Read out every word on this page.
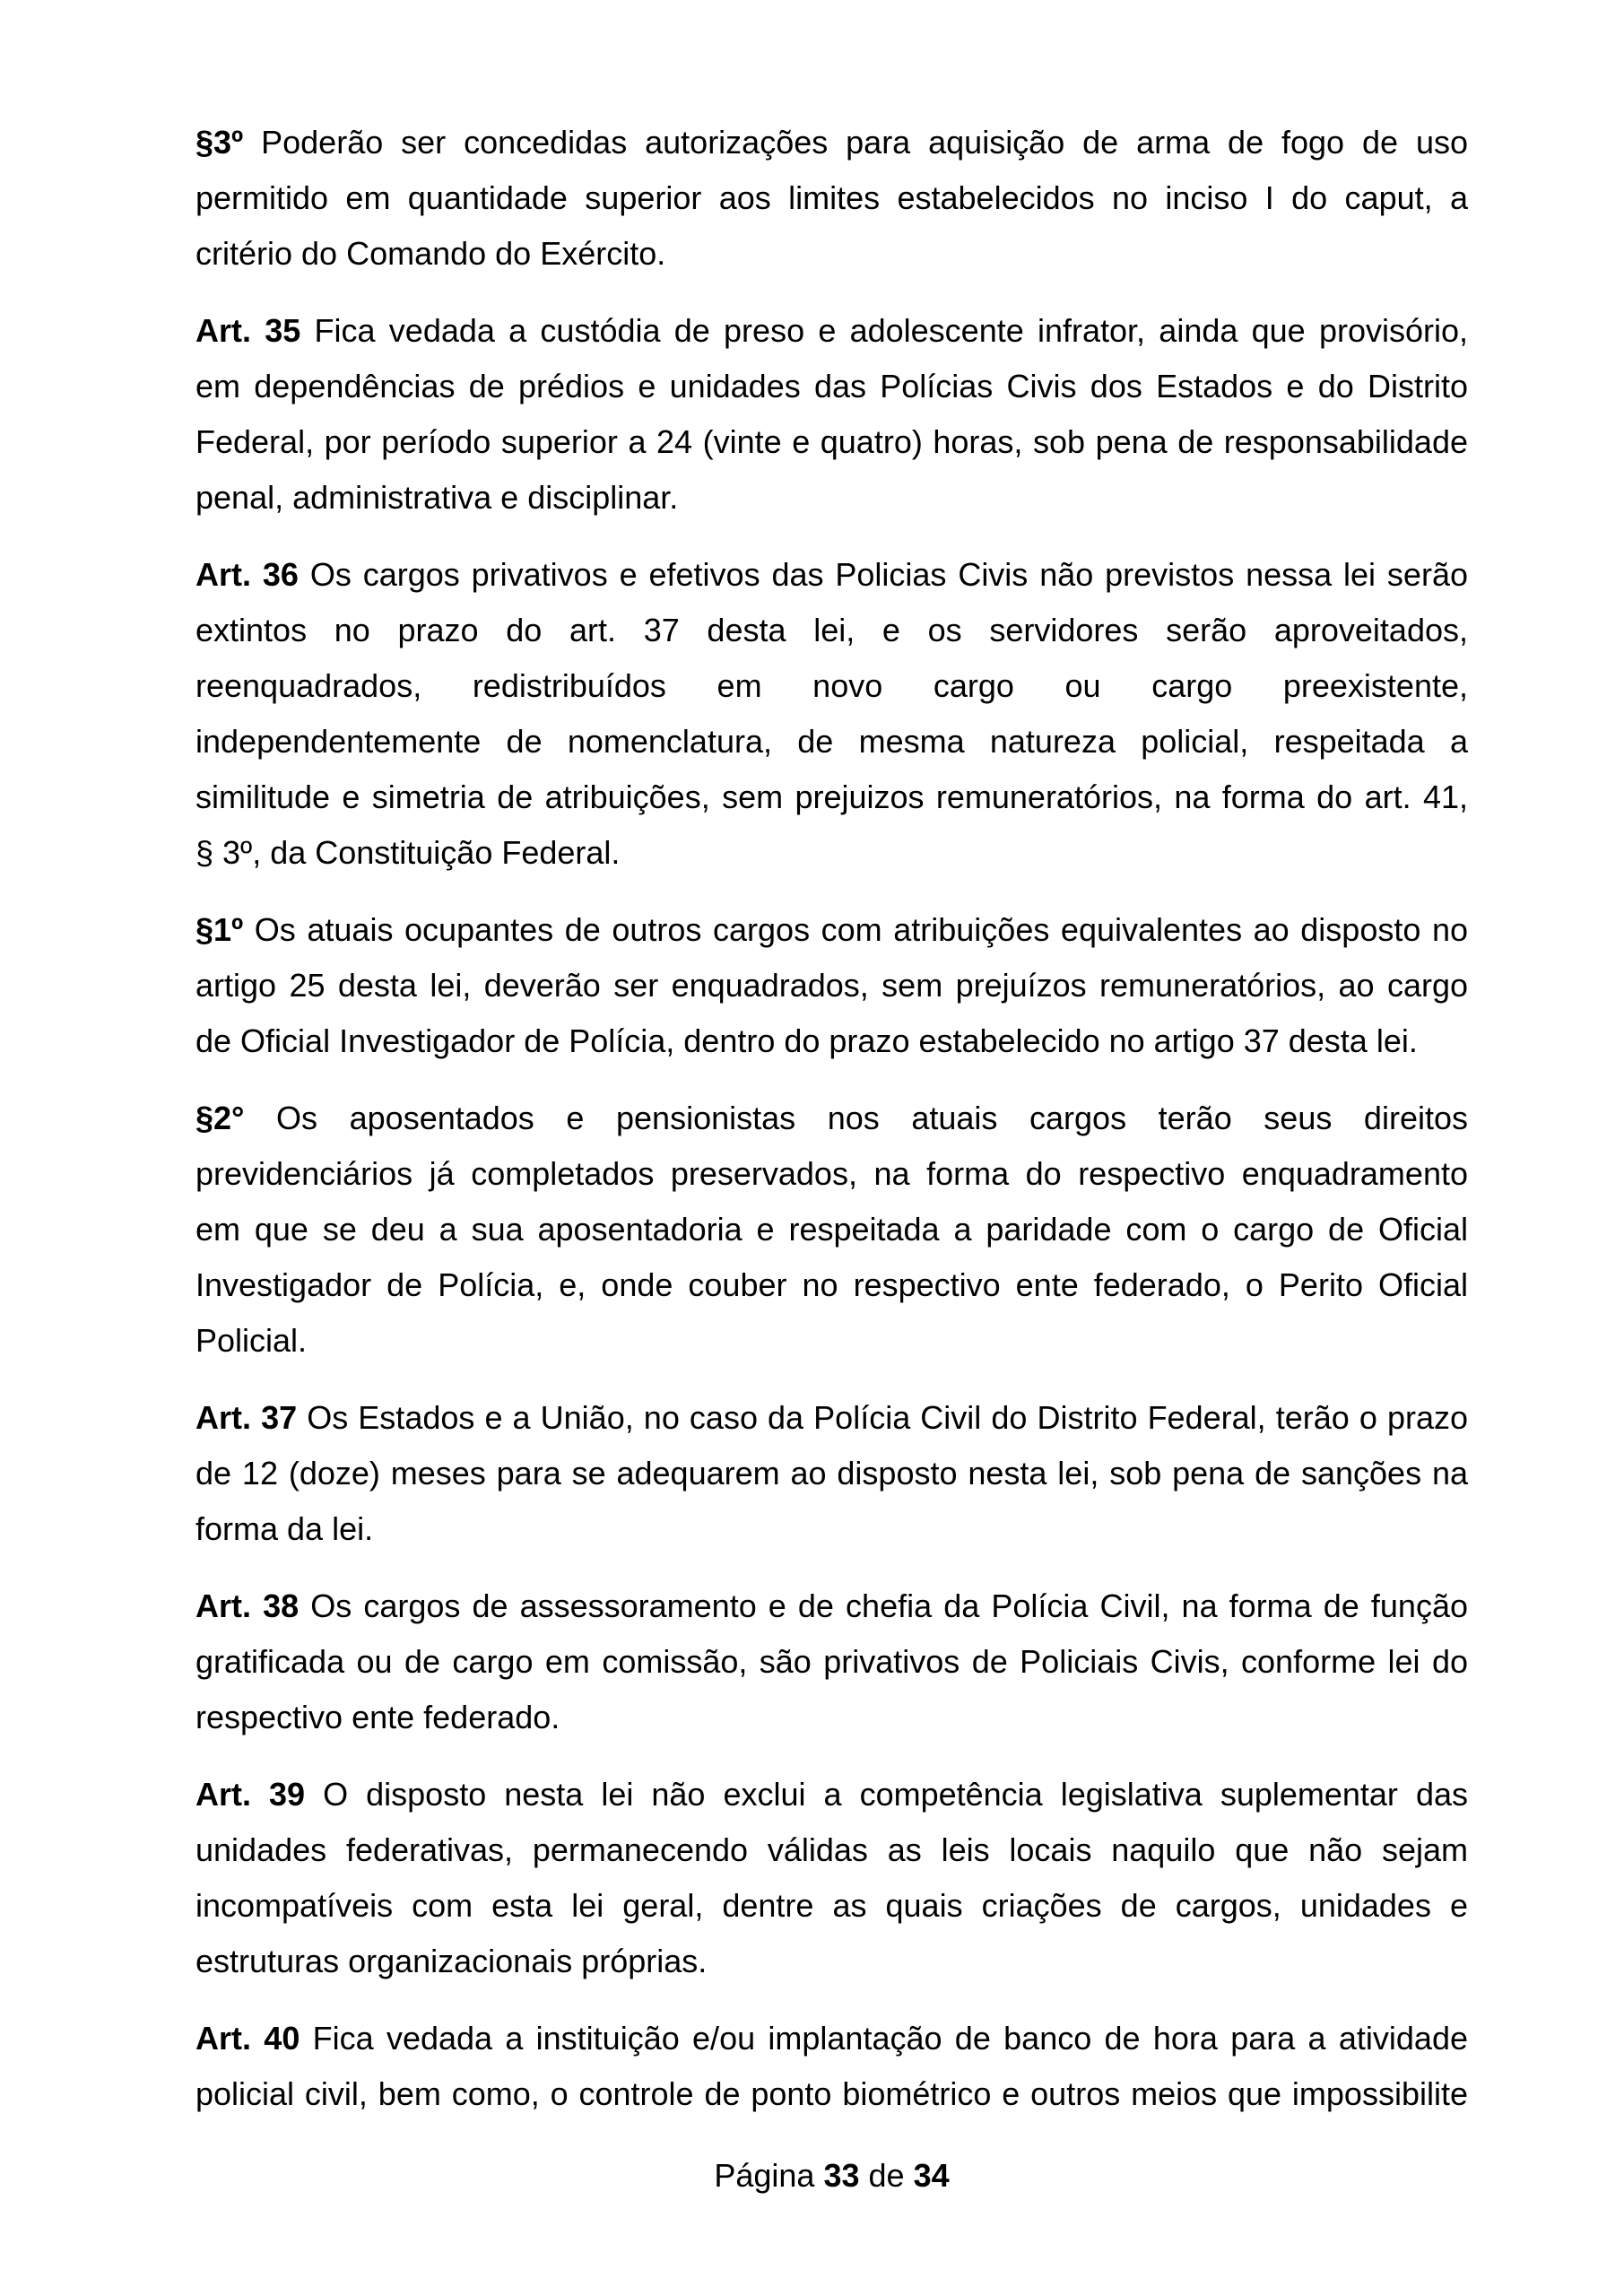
§3º Poderão ser concedidas autorizações para aquisição de arma de fogo de uso
permitido em quantidade superior aos limites estabelecidos no inciso I do caput, a
critério do Comando do Exército.

Art. 35 Fica vedada a custódia de preso e adolescente infrator, ainda que provisório,
em dependências de prédios e unidades das Polícias Civis dos Estados e do Distrito
Federal, por período superior a 24 (vinte e quatro) horas, sob pena de responsabilidade
penal, administrativa e disciplinar.

Art. 36 Os cargos privativos e efetivos das Policias Civis não previstos nessa lei serão
extintos no prazo do art. 37 desta lei, e os servidores serão aproveitados,
reenquadrados, redistribuídos em novo cargo ou cargo preexistente,
independentemente de nomenclatura, de mesma natureza policial, respeitada a
similitude e simetria de atribuições, sem prejuizos remuneratórios, na forma do art. 41,
§ 3º, da Constituição Federal.

§1º Os atuais ocupantes de outros cargos com atribuições equivalentes ao disposto no
artigo 25 desta lei, deverão ser enquadrados, sem prejuízos remuneratórios, ao cargo
de Oficial Investigador de Polícia, dentro do prazo estabelecido no artigo 37 desta lei.

§2° Os aposentados e pensionistas nos atuais cargos terão seus direitos
previdenciários já completados preservados, na forma do respectivo enquadramento
em que se deu a sua aposentadoria e respeitada a paridade com o cargo de Oficial
Investigador de Polícia, e, onde couber no respectivo ente federado, o Perito Oficial
Policial.

Art. 37 Os Estados e a União, no caso da Polícia Civil do Distrito Federal, terão o prazo
de 12 (doze) meses para se adequarem ao disposto nesta lei, sob pena de sanções na
forma da lei.

Art. 38 Os cargos de assessoramento e de chefia da Polícia Civil, na forma de função
gratificada ou de cargo em comissão, são privativos de Policiais Civis, conforme lei do
respectivo ente federado.

Art. 39 O disposto nesta lei não exclui a competência legislativa suplementar das
unidades federativas, permanecendo válidas as leis locais naquilo que não sejam
incompatíveis com esta lei geral, dentre as quais criações de cargos, unidades e
estruturas organizacionais próprias.

Art. 40 Fica vedada a instituição e/ou implantação de banco de hora para a atividade
policial civil, bem como, o controle de ponto biométrico e outros meios que impossibilite

Página 33 de 34
